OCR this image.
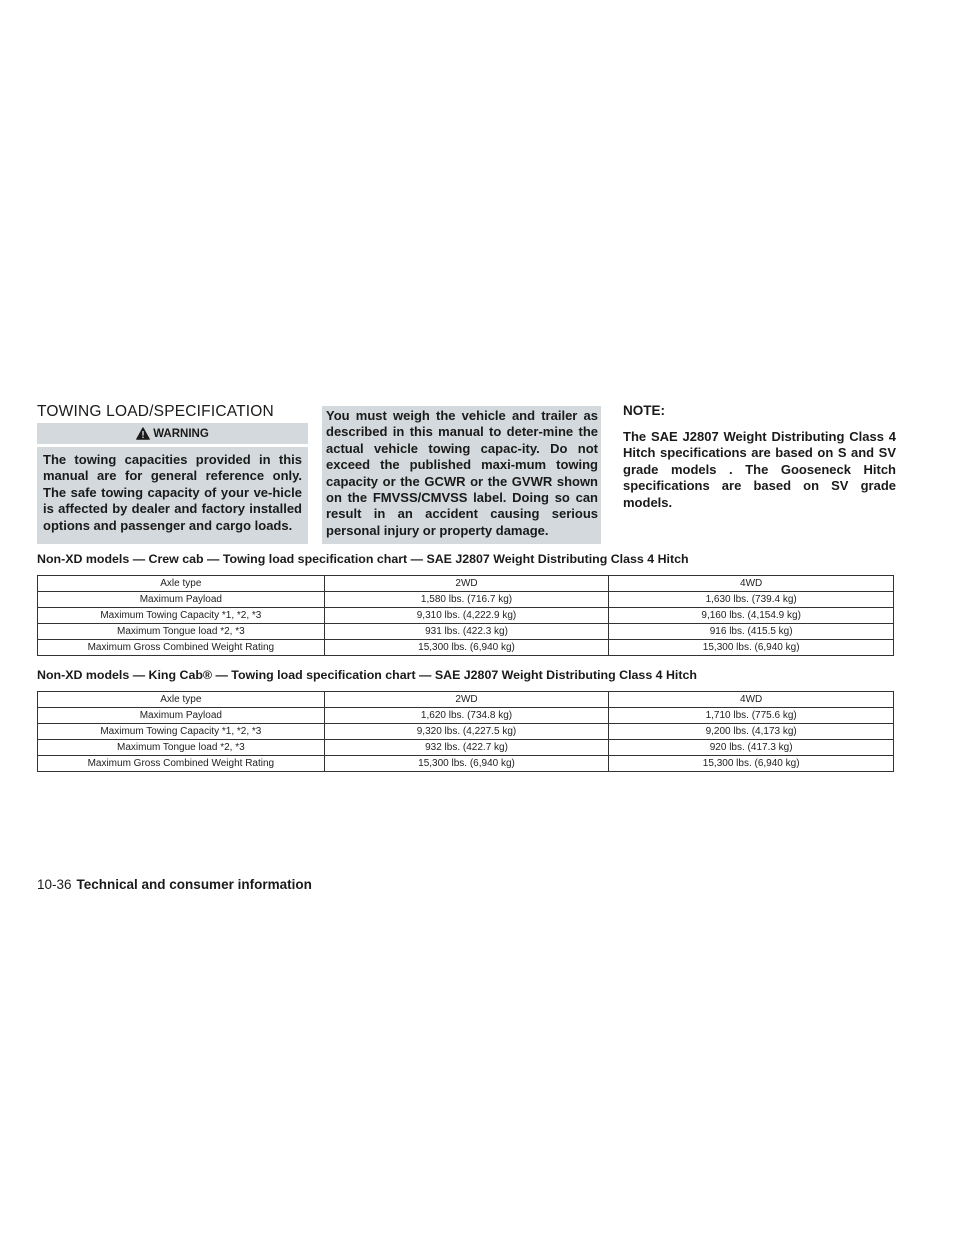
TOWING LOAD/SPECIFICATION
WARNING

The towing capacities provided in this manual are for general reference only. The safe towing capacity of your ve-hicle is affected by dealer and factory installed options and passenger and cargo loads.

You must weigh the vehicle and trailer as described in this manual to deter-mine the actual vehicle towing capac-ity. Do not exceed the published maxi-mum towing capacity or the GCWR or the GVWR shown on the FMVSS/CMVSS label. Doing so can result in an accident causing serious personal injury or property damage.

NOTE:

The SAE J2807 Weight Distributing Class 4 Hitch specifications are based on S and SV grade models . The Gooseneck Hitch specifications are based on SV grade models.

Non-XD models — Crew cab — Towing load specification chart — SAE J2807 Weight Distributing Class 4 Hitch

Axle type	2WD	4WD
Maximum Payload	1,580 lbs. (716.7 kg)	1,630 lbs. (739.4 kg)
Maximum Towing Capacity *1, *2, *3	9,310 lbs. (4,222.9 kg)	9,160 lbs. (4,154.9 kg)
Maximum Tongue load *2, *3	931 lbs. (422.3 kg)	916 lbs. (415.5 kg)
Maximum Gross Combined Weight Rating	15,300 lbs. (6,940 kg)	15,300 lbs. (6,940 kg)

Non-XD models — King Cab® — Towing load specification chart — SAE J2807 Weight Distributing Class 4 Hitch

Axle type	2WD	4WD
Maximum Payload	1,620 lbs. (734.8 kg)	1,710 lbs. (775.6 kg)
Maximum Towing Capacity *1, *2, *3	9,320 lbs. (4,227.5 kg)	9,200 lbs. (4,173 kg)
Maximum Tongue load *2, *3	932 lbs. (422.7 kg)	920 lbs. (417.3 kg)
Maximum Gross Combined Weight Rating	15,300 lbs. (6,940 kg)	15,300 lbs. (6,940 kg)
10-36 Technical and consumer information
